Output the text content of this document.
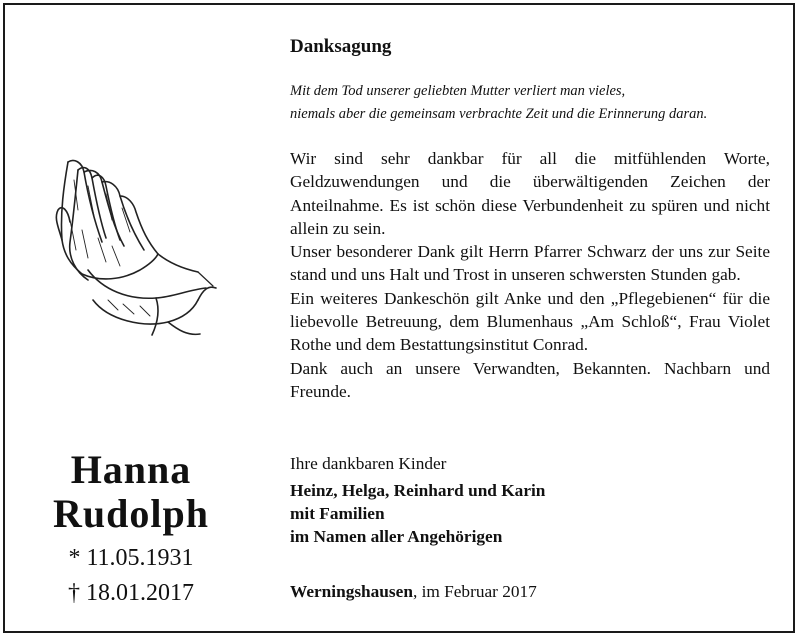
Hanna
Rudolph
* 11.05.1931
† 18.01.2017
Danksagung
Mit dem Tod unserer geliebten Mutter verliert man vieles,
niemals aber die gemeinsam verbrachte Zeit und die Erinnerung daran.

Wir sind sehr dankbar für all die mitfühlenden Worte, Geldzuwendungen und die überwältigenden Zeichen der Anteilnahme. Es ist schön diese Verbundenheit zu spüren und nicht allein zu sein.

Unser besonderer Dank gilt Herrn Pfarrer Schwarz der uns zur Seite stand und uns Halt und Trost in unseren schwersten Stunden gab.

Ein weiteres Dankeschön gilt Anke und den „Pflegebienen“ für die liebevolle Betreuung, dem Blumenhaus „Am Schloß“, Frau Violet Rothe und dem Bestattungsinstitut Conrad.

Dank auch an unsere Verwandten, Bekannten. Nachbarn und Freunde.

Ihre dankbaren Kinder
Heinz, Helga, Reinhard und Karin
mit Familien
im Namen aller Angehörigen
Werningshausen, im Februar 2017
